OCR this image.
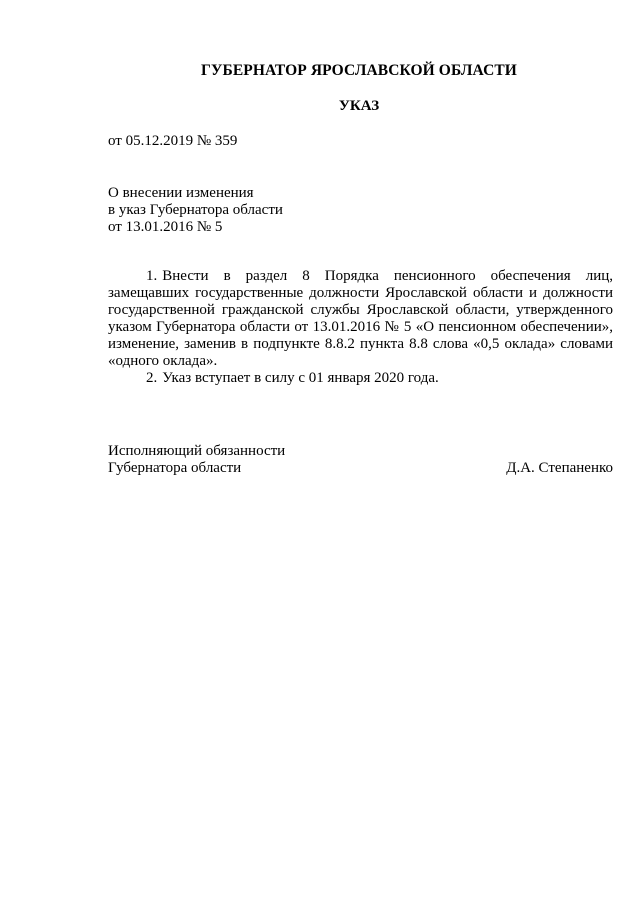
ГУБЕРНАТОР ЯРОСЛАВСКОЙ ОБЛАСТИ
УКАЗ
от 05.12.2019 № 359
О внесении изменения
в указ Губернатора области
от 13.01.2016 № 5

1. Внести в раздел 8 Порядка пенсионного обеспечения лиц, замещавших государственные должности Ярославской области и должности государственной гражданской службы Ярославской области, утвержденного указом Губернатора области от 13.01.2016 № 5 «О пенсионном обеспечении», изменение, заменив в подпункте 8.8.2 пункта 8.8 слова «0,5 оклада» словами «одного оклада».

2. Указ вступает в силу с 01 января 2020 года.

Исполняющий обязанности
Губернатора области	Д.А. Степаненко
